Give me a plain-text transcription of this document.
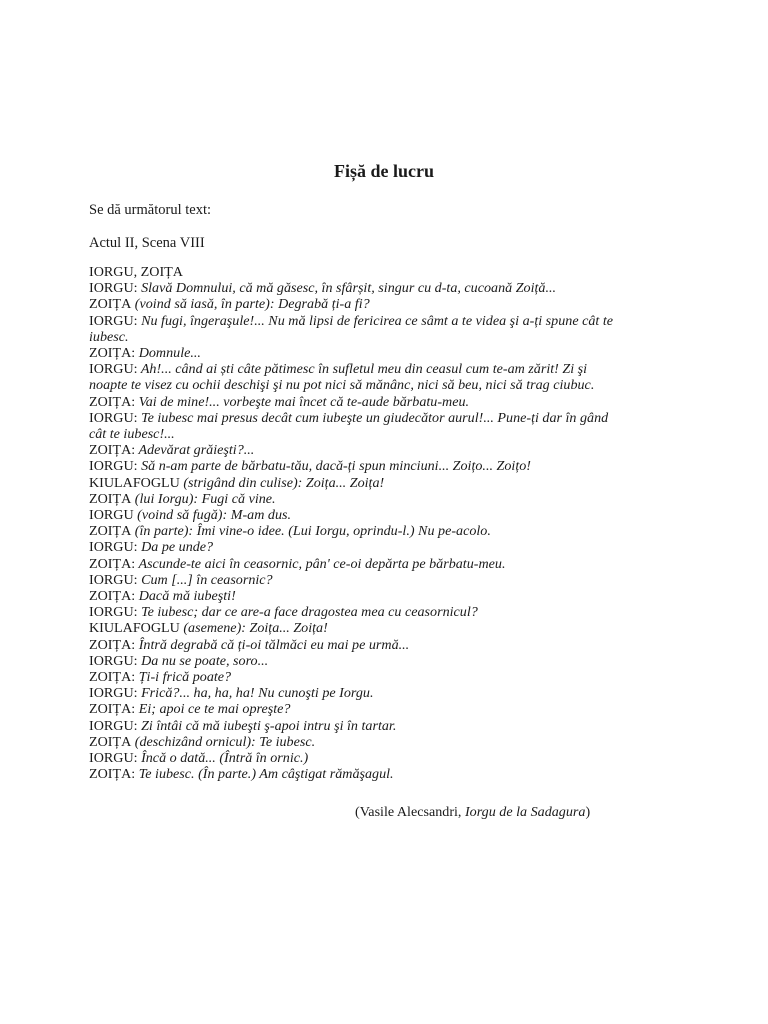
Fișă de lucru

Se dă următorul text:

Actul II, Scena VIII

IORGU, ZOIȚA
IORGU: Slavă Domnului, că mă găsesc, în sfârșit, singur cu d-ta, cucoană Zoiță...
ZOIȚA (voind să iasă, în parte): Degrabă ți-a fi?
IORGU: Nu fugi, îngeraşule!... Nu mă lipsi de fericirea ce sâmt a te videa şi a-ți spune cât te iubesc.
ZOIȚA: Domnule...
IORGU: Ah!... când ai ști câte pătimesc în sufletul meu din ceasul cum te-am zărit! Zi şi noapte te visez cu ochii deschişi şi nu pot nici să mănânc, nici să beu, nici să trag ciubuc.
ZOIȚA: Vai de mine!... vorbeşte mai încet că te-aude bărbatu-meu.
IORGU: Te iubesc mai presus decât cum iubeşte un giudecător aurul!... Pune-ți dar în gând cât te iubesc!...
ZOIȚA: Adevărat grăieşti?...
IORGU: Să n-am parte de bărbatu-tău, dacă-ți spun minciuni... Zoițo... Zoițo!
KIULAFOGLU (strigând din culise): Zoița... Zoița!
ZOIȚA (lui Iorgu): Fugi că vine.
IORGU (voind să fugă): M-am dus.
ZOIȚA (în parte): Îmi vine-o idee. (Lui Iorgu, oprindu-l.) Nu pe-acolo.
IORGU: Da pe unde?
ZOIȚA: Ascunde-te aici în ceasornic, pân' ce-oi depărta pe bărbatu-meu.
IORGU: Cum [...] în ceasornic?
ZOIȚA: Dacă mă iubeşti!
IORGU: Te iubesc; dar ce are-a face dragostea mea cu ceasornicul?
KIULAFOGLU (asemene): Zoița... Zoița!
ZOIȚA: Întră degrabă că ți-oi tălmăci eu mai pe urmă...
IORGU: Da nu se poate, soro...
ZOIȚA: Ți-i frică poate?
IORGU: Frică?... ha, ha, ha! Nu cunoşti pe Iorgu.
ZOIȚA: Ei; apoi ce te mai opreşte?
IORGU: Zi întâi că mă iubeşti ş-apoi intru şi în tartar.
ZOIȚA (deschizând ornicul): Te iubesc.
IORGU: Încă o dată... (Întră în ornic.)
ZOIȚA: Te iubesc. (În parte.) Am câştigat rămăşagul.

(Vasile Alecsandri, Iorgu de la Sadagura)
